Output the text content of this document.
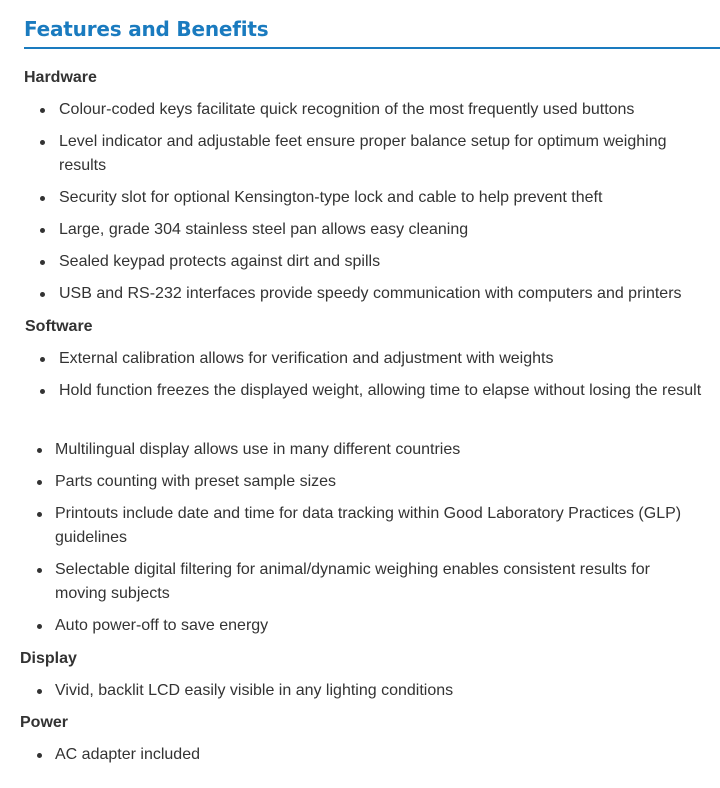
Features and Benefits
Hardware
Colour-coded keys facilitate quick recognition of the most frequently used buttons
Level indicator and adjustable feet ensure proper balance setup for optimum weighing results
Security slot for optional Kensington-type lock and cable to help prevent theft
Large, grade 304 stainless steel pan allows easy cleaning
Sealed keypad protects against dirt and spills
USB and RS-232 interfaces provide speedy communication with computers and printers
Software
External calibration allows for verification and adjustment with weights
Hold function freezes the displayed weight, allowing time to elapse without losing the result
Multilingual display allows use in many different countries
Parts counting with preset sample sizes
Printouts include date and time for data tracking within Good Laboratory Practices (GLP) guidelines
Selectable digital filtering for animal/dynamic weighing enables consistent results for moving subjects
Auto power-off to save energy
Display
Vivid, backlit LCD easily visible in any lighting conditions
Power
AC adapter included
